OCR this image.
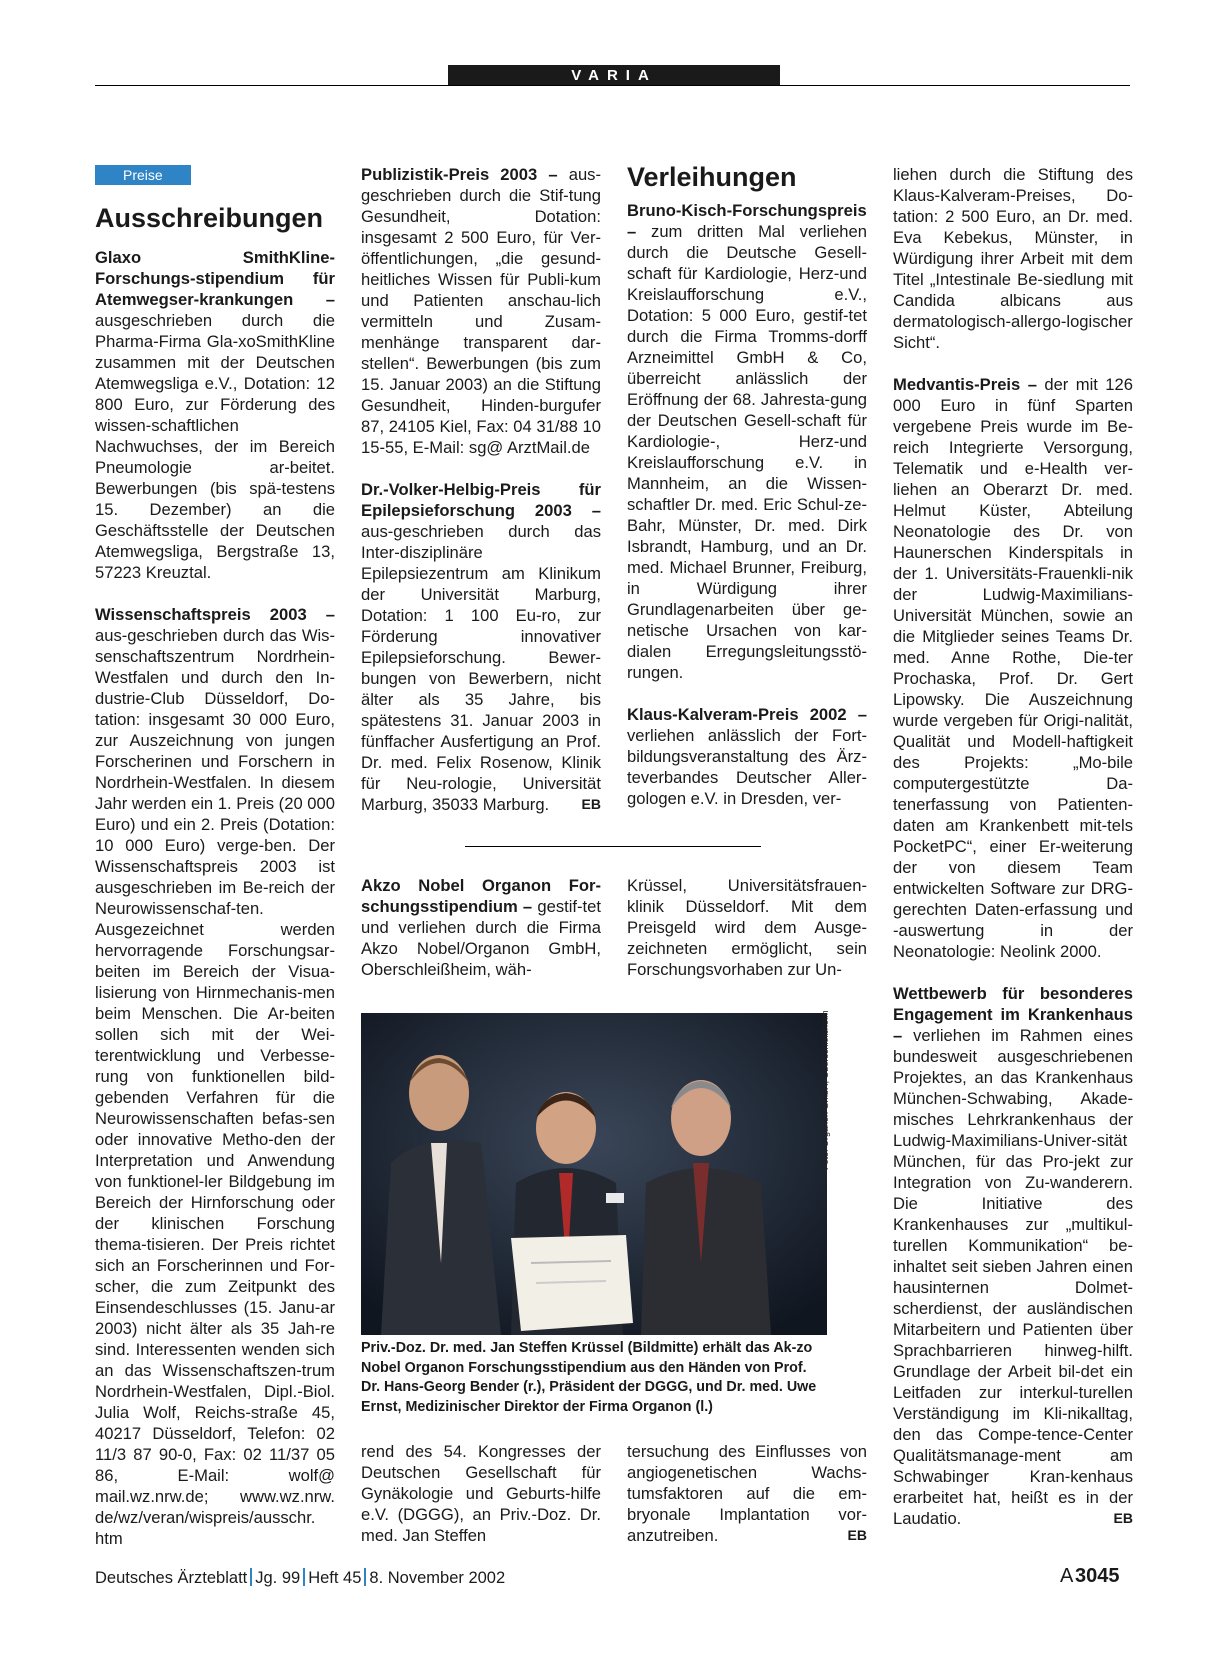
VARIA
Preise
Ausschreibungen

Glaxo SmithKline-Forschungs-stipendium für Atemwegser-krankungen – ausgeschrieben durch die Pharma-Firma Gla-xoSmithKline zusammen mit der Deutschen Atemwegsliga e.V., Dotation: 12 800 Euro, zur Förderung des wissen-schaftlichen Nachwuchses, der im Bereich Pneumologie ar-beitet. Bewerbungen (bis spä-testens 15. Dezember) an die Geschäftsstelle der Deutschen Atemwegsliga, Bergstraße 13, 57223 Kreuztal.

Wissenschaftspreis 2003 – aus-geschrieben durch das Wis-senschaftszentrum Nordrhein-Westfalen und durch den In-dustrie-Club Düsseldorf, Do-tation: insgesamt 30 000 Euro, zur Auszeichnung von jungen Forscherinen und Forschern in Nordrhein-Westfalen. In diesem Jahr werden ein 1. Preis (20 000 Euro) und ein 2. Preis (Dotation: 10 000 Euro) verge-ben. Der Wissenschaftspreis 2003 ist ausgeschrieben im Be-reich der Neurowissenschaf-ten. Ausgezeichnet werden hervorragende Forschungsar-beiten im Bereich der Visua-lisierung von Hirnmechanis-men beim Menschen. Die Ar-beiten sollen sich mit der Wei-terentwicklung und Verbesse-rung von funktionellen bild-gebenden Verfahren für die Neurowissenschaften befas-sen oder innovative Metho-den der Interpretation und Anwendung von funktionel-ler Bildgebung im Bereich der Hirnforschung oder der klinischen Forschung thema-tisieren. Der Preis richtet sich an Forscherinnen und For-scher, die zum Zeitpunkt des Einsendeschlusses (15. Janu-ar 2003) nicht älter als 35 Jah-re sind. Interessenten wenden sich an das Wissenschaftszen-trum Nordrhein-Westfalen, Dipl.-Biol. Julia Wolf, Reichs-straße 45, 40217 Düsseldorf, Telefon: 02 11/3 87 90-0, Fax: 02 11/37 05 86, E-Mail: wolf@ mail.wz.nrw.de; www.wz.nrw. de/wz/veran/wispreis/ausschr. htm

Publizistik-Preis 2003 – aus-geschrieben durch die Stif-tung Gesundheit, Dotation: insgesamt 2 500 Euro, für Ver-öffentlichungen, „die gesund-heitliches Wissen für Publi-kum und Patienten anschau-lich vermitteln und Zusam-menhänge transparent dar-stellen“. Bewerbungen (bis zum 15. Januar 2003) an die Stiftung Gesundheit, Hinden-burgufer 87, 24105 Kiel, Fax: 04 31/88 10 15-55, E-Mail: sg@ ArztMail.de

Dr.-Volker-Helbig-Preis für Epilepsieforschung 2003 – aus-geschrieben durch das Inter-disziplinäre Epilepsiezentrum am Klinikum der Universität Marburg, Dotation: 1 100 Eu-ro, zur Förderung innovativer Epilepsieforschung. Bewer-bungen von Bewerbern, nicht älter als 35 Jahre, bis spätestens 31. Januar 2003 in fünffacher Ausfertigung an Prof. Dr. med. Felix Rosenow, Klinik für Neu-rologie, Universität Marburg, 35033 Marburg. EB

Verleihungen

Bruno-Kisch-Forschungspreis – zum dritten Mal verliehen durch die Deutsche Gesell-schaft für Kardiologie, Herz-und Kreislaufforschung e.V., Dotation: 5 000 Euro, gestif-tet durch die Firma Tromms-dorff Arzneimittel GmbH & Co, überreicht anlässlich der Eröffnung der 68. Jahresta-gung der Deutschen Gesell-schaft für Kardiologie-, Herz-und Kreislaufforschung e.V. in Mannheim, an die Wissen-schaftler Dr. med. Eric Schul-ze-Bahr, Münster, Dr. med. Dirk Isbrandt, Hamburg, und an Dr. med. Michael Brunner, Freiburg, in Würdigung ihrer Grundlagenarbeiten über ge-netische Ursachen von kar-dialen Erregungsleitungsstö-rungen.

Klaus-Kalveram-Preis 2002 – verliehen anlässlich der Fort-bildungsveranstaltung des Ärz-teverbandes Deutscher Aller-gologen e.V. in Dresden, ver-

liehen durch die Stiftung des Klaus-Kalveram-Preises, Do-tation: 2 500 Euro, an Dr. med. Eva Kebekus, Münster, in Würdigung ihrer Arbeit mit dem Titel „Intestinale Be-siedlung mit Candida albicans aus dermatologisch-allergo-logischer Sicht“.

Medvantis-Preis – der mit 126 000 Euro in fünf Sparten vergebene Preis wurde im Be-reich Integrierte Versorgung, Telematik und e-Health ver-liehen an Oberarzt Dr. med. Helmut Küster, Abteilung Neonatologie des Dr. von Haunerschen Kinderspitals in der 1. Universitäts-Frauenkli-nik der Ludwig-Maximilians-Universität München, sowie an die Mitglieder seines Teams Dr. med. Anne Rothe, Die-ter Prochaska, Prof. Dr. Gert Lipowsky. Die Auszeichnung wurde vergeben für Origi-nalität, Qualität und Modell-haftigkeit des Projekts: „Mo-bile computergestützte Da-tenerfassung von Patienten-daten am Krankenbett mit-tels PocketPC“, einer Er-weiterung der von diesem Team entwickelten Software zur DRG-gerechten Daten-erfassung und -auswertung in der Neonatologie: Neolink 2000.

Wettbewerb für besonderes Engagement im Krankenhaus – verliehen im Rahmen eines bundesweit ausgeschriebenen Projektes, an das Krankenhaus München-Schwabing, Akade-misches Lehrkrankenhaus der Ludwig-Maximilians-Univer-sität München, für das Pro-jekt zur Integration von Zu-wanderern. Die Initiative des Krankenhauses zur „multikul-turellen Kommunikation“ be-inhaltet seit sieben Jahren einen hausinternen Dolmet-scherdienst, der ausländischen Mitarbeitern und Patienten über Sprachbarrieren hinweg-hilft. Grundlage der Arbeit bil-det ein Leitfaden zur interkul-turellen Verständigung im Kli-nikalltag, den das Compe-tence-Center Qualitätsmanage-ment am Schwabinger Kran-kenhaus erarbeitet hat, heißt es in der Laudatio.	EB

Akzo Nobel Organon For-schungsstipendium – gestif-tet und verliehen durch die Firma Akzo Nobel/Organon GmbH, Oberschleißheim, wäh-

Krüssel, Universitätsfrauen-klinik Düsseldorf. Mit dem Preisgeld wird dem Ausge-zeichneten ermöglicht, sein Forschungsvorhaben zur Un-

Foto: Organon GmbH, Oberschleißheim
Priv.-Doz. Dr. med. Jan Steffen Krüssel (Bildmitte) erhält das Ak-zo Nobel Organon Forschungsstipendium aus den Händen von Prof. Dr. Hans-Georg Bender (r.), Präsident der DGGG, und Dr. med. Uwe Ernst, Medizinischer Direktor der Firma Organon (l.)

rend des 54. Kongresses der Deutschen Gesellschaft für Gynäkologie und Geburts-hilfe e.V. (DGGG), an Priv.-Doz. Dr. med. Jan Steffen

tersuchung des Einflusses von angiogenetischen Wachs-tumsfaktoren auf die em-bryonale Implantation vor-anzutreiben.	EB

Deutsches Ärzteblatt Jg. 99 Heft 45 8. November 2002	A 3045
